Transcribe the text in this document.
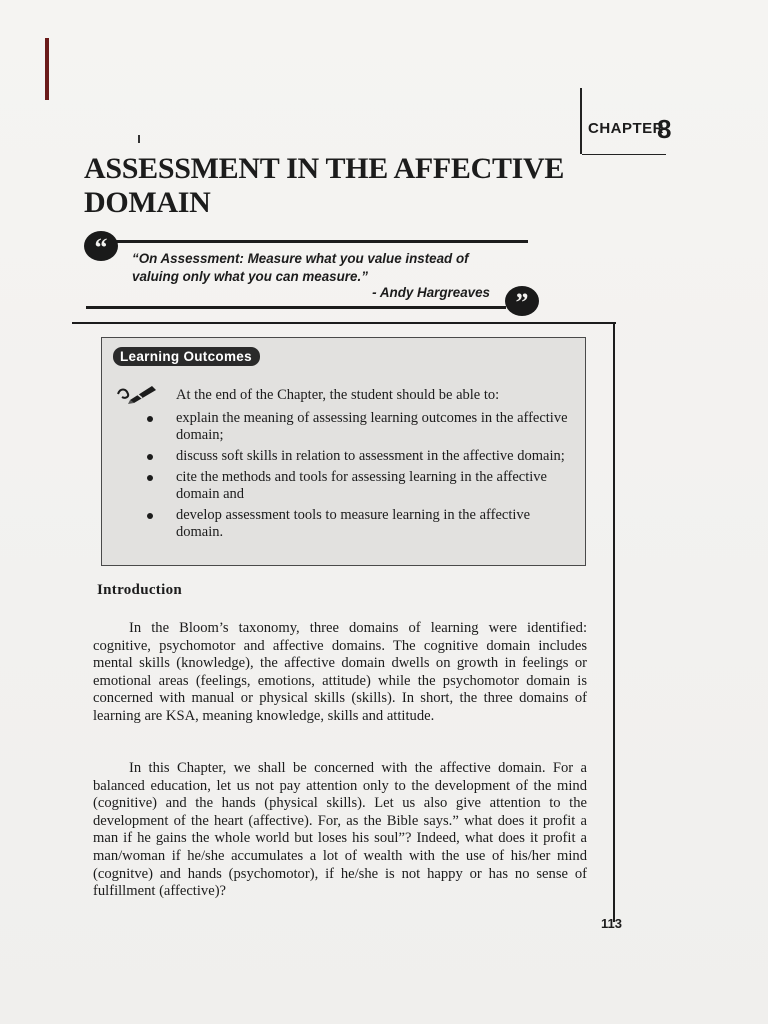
CHAPTER
8
ASSESSMENT IN THE AFFECTIVE DOMAIN
“	“On Assessment: Measure what you value instead of valuing only what you can measure.”
- Andy Hargreaves ”
Learning Outcomes
At the end of the Chapter, the student should be able to:
explain the meaning of assessing learning outcomes in the affective domain;
discuss soft skills in relation to assessment in the affective domain;
cite the methods and tools for assessing learning in the affective domain and
develop assessment tools to measure learning in the affective domain.
Introduction

In the Bloom’s taxonomy, three domains of learning were identified: cognitive, psychomotor and affective domains. The cognitive domain includes mental skills (knowledge), the affective domain dwells on growth in feelings or emotional areas (feelings, emotions, attitude) while the psychomotor domain is concerned with manual or physical skills (skills). In short, the three domains of learning are KSA, meaning knowledge, skills and attitude.

In this Chapter, we shall be concerned with the affective domain. For a balanced education, let us not pay attention only to the development of the mind (cognitive) and the hands (physical skills). Let us also give attention to the development of the heart (affective). For, as the Bible says.” what does it profit a man if he gains the whole world but loses his soul”? Indeed, what does it profit a man/woman if he/she accumulates a lot of wealth with the use of his/her mind (cognitve) and hands (psychomotor), if he/she is not happy or has no sense of fulfillment (affective)?

113
